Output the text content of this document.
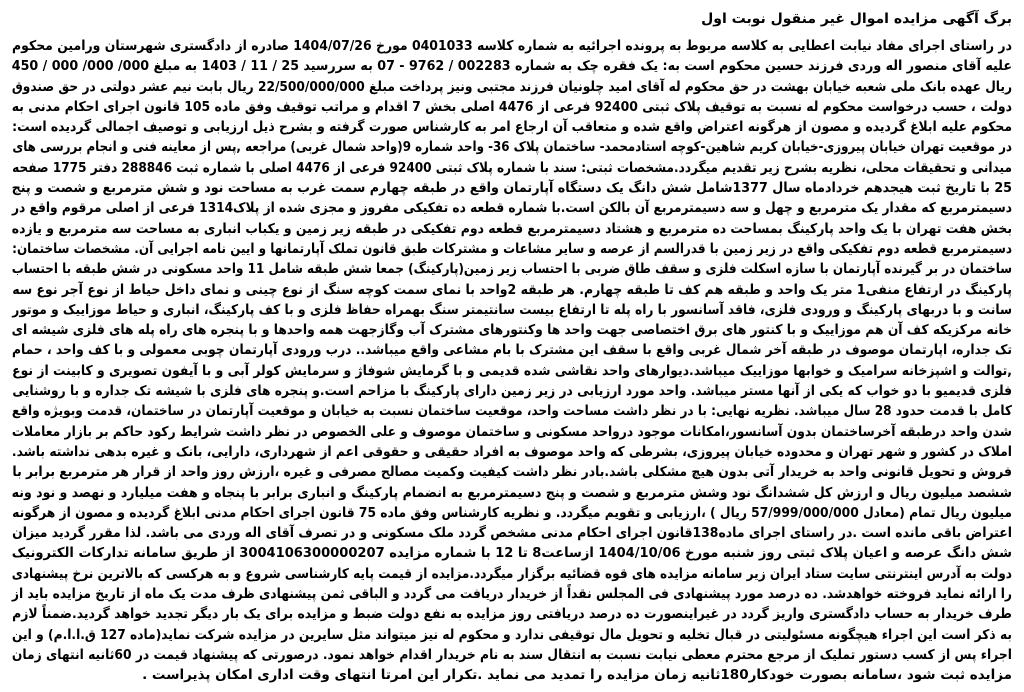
برگ آگهی مزایده اموال غیر منقول نوبت اول
در راستای اجرای مفاد نیابت اعطایی به کلاسه مربوط به پرونده اجرائیه به شماره کلاسه 0401033 مورخ 1404/07/26 صادره از دادگستری شهرستان ورامین محکوم
علیه آقای منصور اله وردی فرزند حسین محکوم است به: یک فقره چک به شماره 002283 / 9762 - 07 به سررسید 25 / 11 / 1403 به مبلغ 000/ 000/ 000 / 450
ریال عهده بانک ملی شعبه خیابان بهشت در حق محکوم له آقای امید چلونیان فرزند مجتبی ونیز پرداخت مبلغ 22/500/000/000 ریال بابت نیم عشر دولتی در حق صندوق
دولت ، حسب درخواست محکوم له نسبت به توقیف پلاک ثبتی 92400 فرعی از 4476 اصلی بخش 7 اقدام و مراتب توقیف وفق ماده 105 قانون اجرای احکام مدنی به
محکوم علیه ابلاغ گردیده و مصون از هرگونه اعتراض واقع شده و متعاقب آن ارجاع امر به کارشناس صورت گرفته و بشرح ذیل ارزیابی و توصیف اجمالی گردیده است:
در موقعیت تهران خیابان پیروزی-خیابان کریم شاهین-کوچه استادمحمد- ساختمان پلاک 36- واحد شماره 9(واحد شمال غربی) مراجعه ,پس از معاینه فنی و انجام بررسی های
میدانی و تحقیقات محلی، نظریه بشرح زیر تقدیم میگردد.مشخصات ثبتی: سند با شماره پلاک ثبتی 92400 فرعی از 4476 اصلی با شماره ثبت 288846 دفتر 1775 صفحه
25 با تاریخ ثبت هیجدهم خردادماه سال 1377شامل شش دانگ یک دستگاه آپارتمان واقع در طبقه چهارم سمت غرب به مساحت نود و شش مترمربع و شصت و پنج
دسیمترمربع که مقدار یک مترمربع و چهل و سه دسیمترمربع آن بالکن است.با شماره قطعه ده تفکیکی مفروز و مجزی شده از پلاک1314 فرعی از اصلی مرقوم واقع در
بخش هفت تهران با یک واحد پارکینگ بمساحت ده مترمربع و هشتاد دسیمترمربع قطعه دوم تفکیکی در طبقه زیر زمین و یکباب انباری به مساحت سه مترمربع و یازده
دسیمترمربع قطعه دوم تفکیکی واقع در زیر زمین با قدرالسم از عرصه و سایر مشاعات و مشترکات طبق قانون تملک آپارتمانها و ایین نامه اجرایی آن. مشخصات ساختمان:
ساختمان در بر گیرنده آپارتمان با سازه اسکلت فلزی و سقف طاق ضربی با احتساب زیر زمین(پارکینگ) جمعا شش طبقه شامل 11 واحد مسکونی در شش طبقه با احتساب
پارکینگ در ارتفاع منفی1 متر یک واحد و طبقه هم کف تا طبقه چهارم. هر طبقه 2واحد با نمای سمت کوچه سنگ از نوع چینی و نمای داخل حیاط از نوع آجر نوع سه
سانت و با دربهای پارکینگ و ورودی فلزی، فاقد آسانسور با راه پله تا ارتفاع بیست سانتیمتر سنگ بهمراه حفاظ فلزی و با کف پارکینگ، انباری و حیاط موزاییک و موتور
خانه مرکزیکه کف آن هم موزاییک و با کنتور های برق اختصاصی جهت واحد ها وکنتورهای مشترک آب وگازجهت همه واحدها و با پنجره های راه پله های فلزی شیشه ای
تک جداره، اپارتمان موصوف در طبقه آخر شمال غربی واقع با سقف این مشترک با بام مشاعی واقع میباشد.. درب ورودی آپارتمان چوبی معمولی و با کف واحد ، حمام
,توالت و اشپزخانه سرامیک و خوابها موزاییک میباشد.دیوارهای واحد نقاشی شده قدیمی و با گرمایش شوفاژ و سرمایش کولر آبی و با آیفون تصویری و کابینت از نوع
فلزی قدیمیو با دو خواب که یکی از آنها مستر میباشد. واحد مورد ارزیابی در زیر زمین دارای پارکینگ با مزاحم است.و پنجره های فلزی با شیشه تک جداره و با روشنایی
کامل با قدمت حدود 28 سال میباشد. نظریه نهایی: با در نظر داشت مساحت واحد، موقعیت ساختمان نسبت به خیابان و موقعیت آپارتمان در ساختمان، قدمت وبویژه واقع
شدن واحد درطبقه آخرساختمان بدون آسانسور،امکانات موجود درواحد مسکونی و ساختمان موصوف و علی الخصوص در نظر داشت شرایط رکود حاکم بر بازار معاملات
املاک در کشور و شهر تهران و محدوده خیابان پیروزی، بشرطی که واحد موصوف به افراد حقیقی و حقوقی اعم از شهرداری، دارایی، بانک و غیره بدهی نداشته باشد.
فروش و تحویل قانونی واحد به خریدار آتی بدون هیچ مشکلی باشد.بادر نظر داشت کیفیت وکمیت مصالح مصرفی و غیره ،ارزش روز واحد از قرار هر مترمربع برابر با
ششصد میلیون ریال و ارزش کل ششدانگ نود وشش مترمربع و شصت و پنج دسیمترمربع به انضمام پارکینگ و انباری برابر با پنجاه و هفت میلیارد و نهصد و نود ونه
میلیون ریال تمام (معادل 57/999/000/000 ریال ) ،ارزیابی و تقویم میگردد. و نظریه کارشناس وفق ماده 75 قانون اجرای احکام مدنی ابلاغ گردیده و مصون از هرگونه
اعتراض باقی مانده است .در راستای اجرای ماده138قانون اجرای احکام مدنی مشخص گردد ملک مسکونی و در تصرف آقای اله وردی می باشد. لذا مقرر گردید میزان
شش دانگ عرصه و اعیان پلاک ثبتی روز شنبه مورخ 1404/10/06 ازساعت8 تا 12 با شماره مزایده 3004106300000207 از طریق سامانه تدارکات الکترونیک
دولت به آدرس اینترنتی سایت ستاد ایران زیر سامانه مزایده های قوه قضائیه برگزار میگردد.مزایده از قیمت پایه کارشناسی شروع و به هرکسی که بالاترین نرخ پیشنهادی
را ارائه نماید فروخته خواهدشد. ده درصد مورد پیشنهادی فی المجلس نقداً از خریدار دریافت می گردد و الباقی ثمن پیشنهادی ظرف مدت یک ماه از تاریخ مزایده باید از
طرف خریدار به حساب دادگستری واریز گردد در غیراینصورت ده درصد دریافتی روز مزایده به نفع دولت ضبط و مزایده برای یک بار دیگر تجدید خواهد گردید.ضمناً لازم
به ذکر است این اجراء هیچگونه مسئولیتی در قبال تخلیه و تحویل مال توقیفی ندارد و محکوم له نیز میتواند مثل سایرین در مزایده شرکت نماید(ماده 127 ق.ا.ا.م) و این
اجراء پس از کسب دستور تملیک از مرجع محترم معطی نیابت نسبت به انتقال سند به نام خریدار اقدام خواهد نمود. درصورتی که پیشنهاد قیمت در 60ثانیه انتهای زمان
مزایده ثبت شود ،سامانه بصورت خودکار180ثانیه زمان مزایده را تمدید می نماید .تکرار این امرتا انتهای وقت اداری امکان پذیراست .
